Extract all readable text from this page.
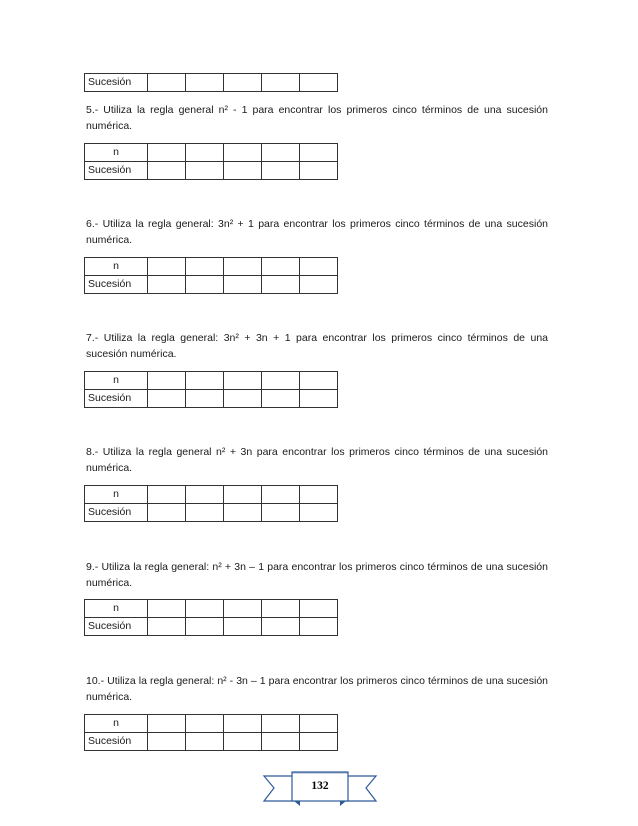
Sucesión					

5.- Utiliza la regla general n² - 1 para encontrar los primeros cinco términos de una sucesión numérica.

n					
Sucesión					

6.- Utiliza la regla general: 3n² + 1 para encontrar los primeros cinco términos de una sucesión numérica.

n					
Sucesión					

7.- Utiliza la regla general: 3n² + 3n + 1 para encontrar los primeros cinco términos de una sucesión numérica.

n					
Sucesión					

8.- Utiliza la regla general n² + 3n para encontrar los primeros cinco términos de una sucesión numérica.

n					
Sucesión					

9.- Utiliza la regla general: n² + 3n – 1 para encontrar los primeros cinco términos de una sucesión numérica.

n					
Sucesión					

10.- Utiliza la regla general: n² - 3n – 1 para encontrar los primeros cinco términos de una sucesión numérica.

n					
Sucesión					
132
